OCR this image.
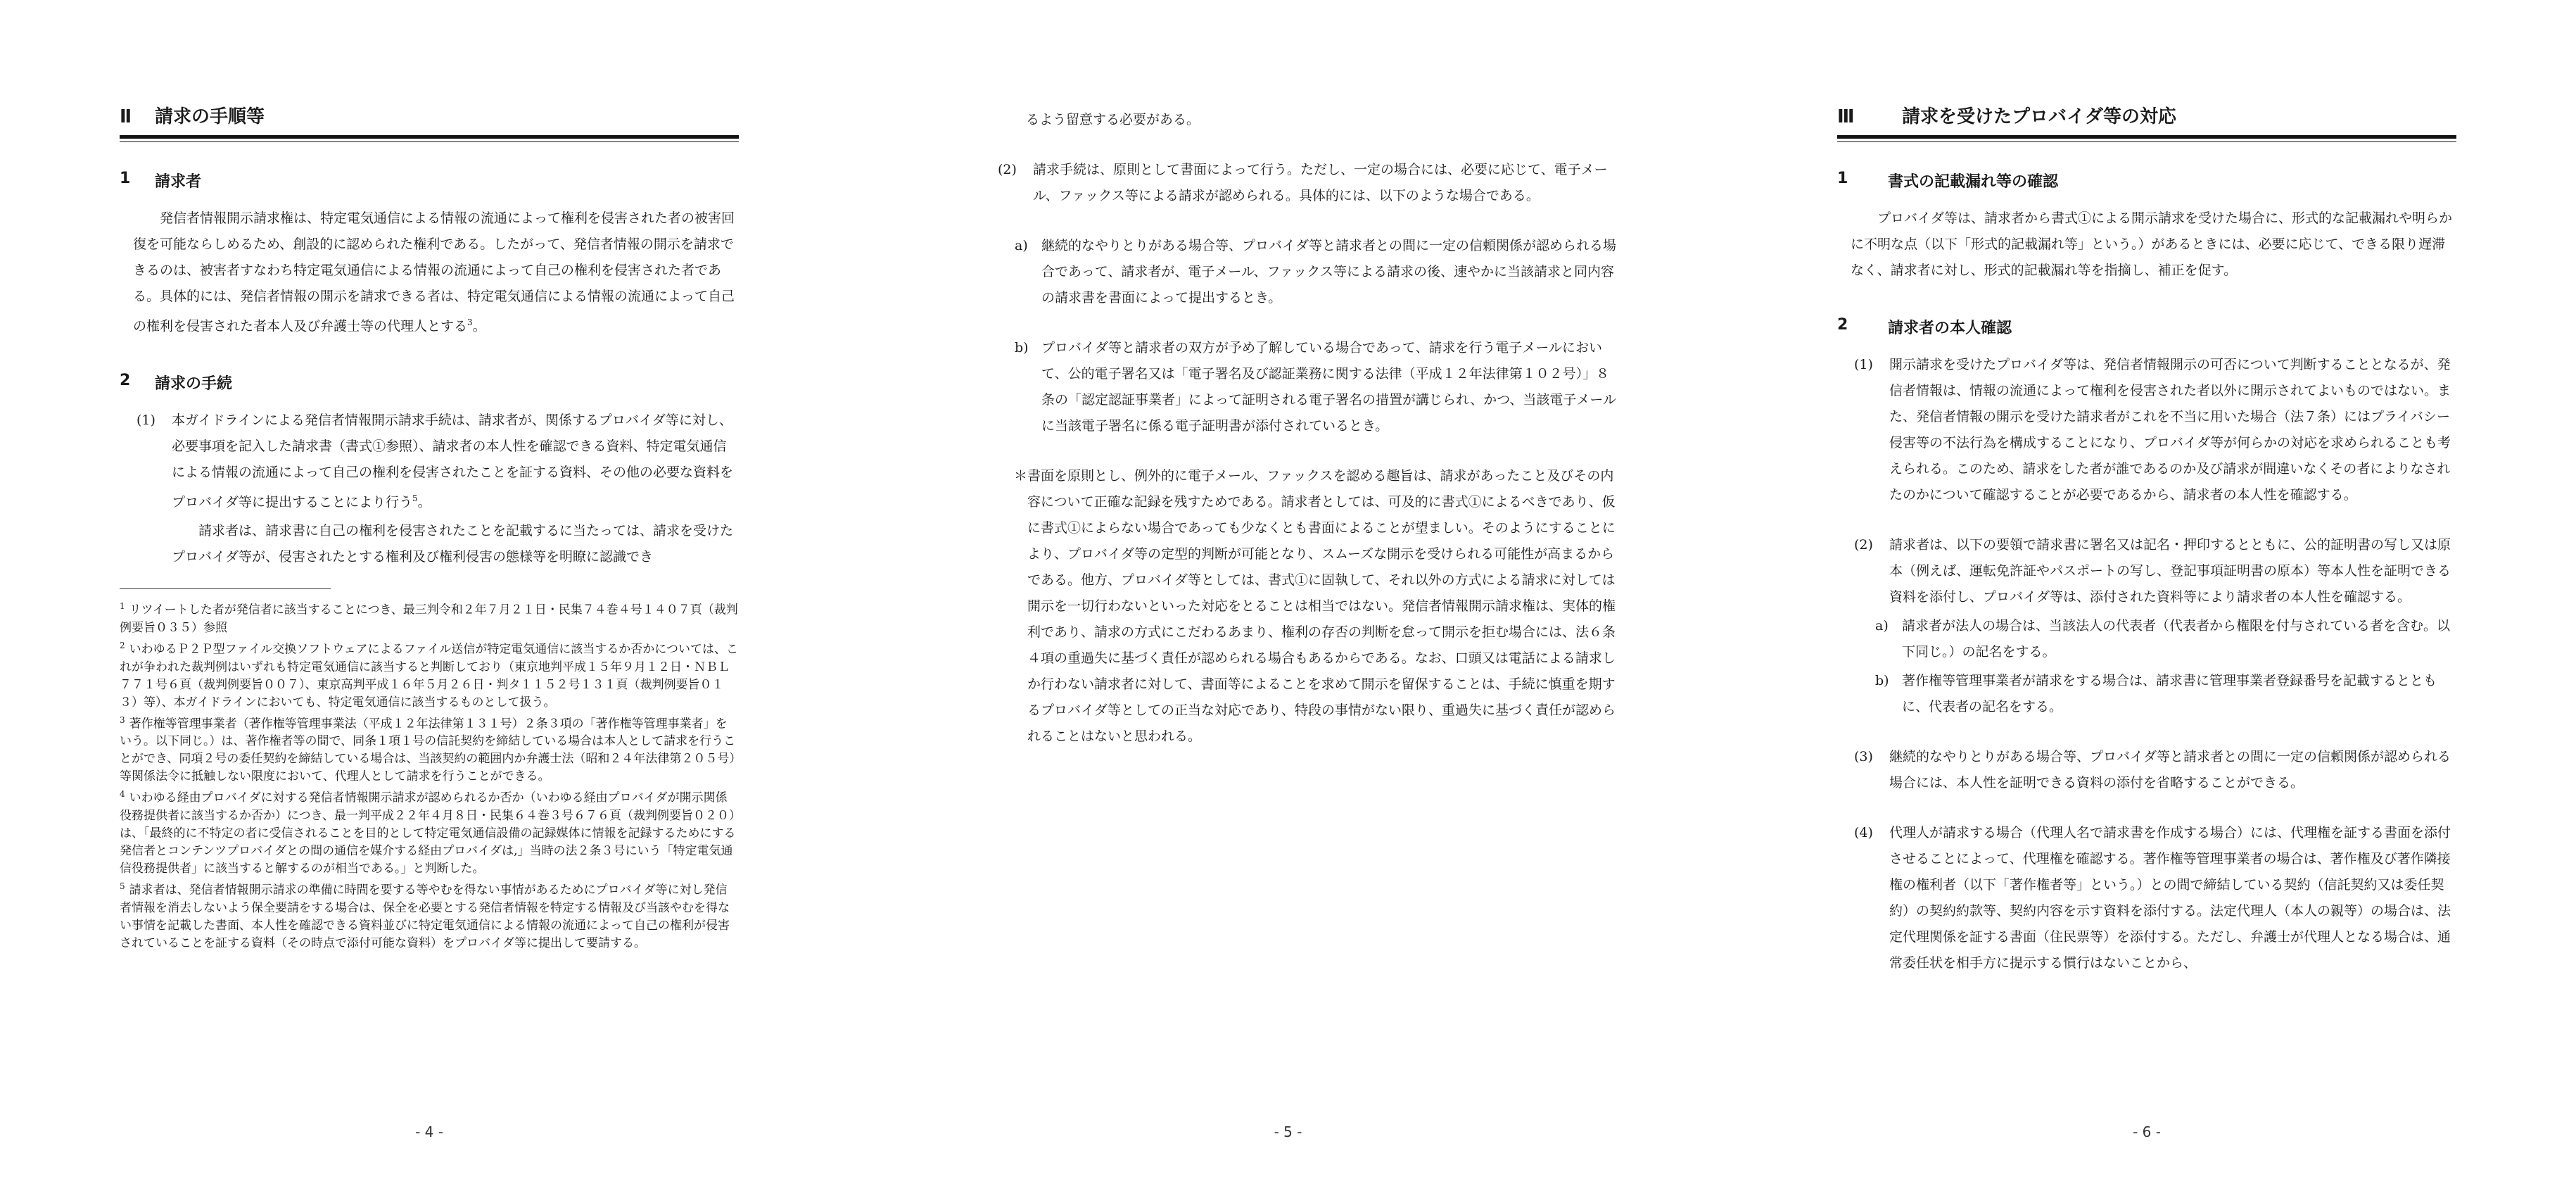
Ⅱ	請求の手順等
1	請求者

発信者情報開示請求権は、特定電気通信による情報の流通によって権利を侵害された者の被害回復を可能ならしめるため、創設的に認められた権利である。したがって、発信者情報の開示を請求できるのは、被害者すなわち特定電気通信による情報の流通によって自己の権利を侵害された者である。具体的には、発信者情報の開示を請求できる者は、特定電気通信による情報の流通によって自己の権利を侵害された者本人及び弁護士等の代理人とする$^3$。

2	請求の手続
(1)	本ガイドラインによる発信者情報開示請求手続は、請求者が、関係するプロバイダ等に対し、必要事項を記入した請求書（書式①参照）、請求者の本人性を確認できる資料、特定電気通信による情報の流通によって自己の権利を侵害されたことを証する資料、その他の必要な資料をプロバイダ等に提出することにより行う$^5$。

請求者は、請求書に自己の権利を侵害されたことを記載するに当たっては、請求を受けたプロバイダ等が、侵害されたとする権利及び権利侵害の態様等を明瞭に認識でき

$^1$ リツイートした者が発信者に該当することにつき、最三判令和２年７月２１日・民集７４巻４号１４０７頁（裁判例要旨０３５）参照

$^2$ いわゆるＰ２Ｐ型ファイル交換ソフトウェアによるファイル送信が特定電気通信に該当するか否かについては、これが争われた裁判例はいずれも特定電気通信に該当すると判断しており（東京地判平成１５年９月１２日・ＮＢＬ７７１号６頁（裁判例要旨００７）、東京高判平成１６年５月２６日・判タ１１５２号１３１頁（裁判例要旨０１３）等）、本ガイドラインにおいても、特定電気通信に該当するものとして扱う。

$^3$ 著作権等管理事業者（著作権等管理事業法（平成１２年法律第１３１号）２条３項の「著作権等管理事業者」をいう。以下同じ。）は、著作権者等の間で、同条１項１号の信託契約を締結している場合は本人として請求を行うことができ、同項２号の委任契約を締結している場合は、当該契約の範囲内か弁護士法（昭和２４年法律第２０５号）等関係法令に抵触しない限度において、代理人として請求を行うことができる。

$^4$ いわゆる経由プロバイダに対する発信者情報開示請求が認められるか否か（いわゆる経由プロバイダが開示関係役務提供者に該当するか否か）につき、最一判平成２２年４月８日・民集６４巻３号６７６頁（裁判例要旨０２０）は、「最終的に不特定の者に受信されることを目的として特定電気通信設備の記録媒体に情報を記録するためにする発信者とコンテンツプロバイダとの間の通信を媒介する経由プロバイダは,」当時の法２条３号にいう「特定電気通信役務提供者」に該当すると解するのが相当である。」と判断した。

$^5$ 請求者は、発信者情報開示請求の準備に時間を要する等やむを得ない事情があるためにプロバイダ等に対し発信者情報を消去しないよう保全要請をする場合は、保全を必要とする発信者情報を特定する情報及び当該やむを得ない事情を記載した書面、本人性を確認できる資料並びに特定電気通信による情報の流通によって自己の権利が侵害されていることを証する資料（その時点で添付可能な資料）をプロバイダ等に提出して要請する。

- 4 -

るよう留意する必要がある。

(2)	請求手続は、原則として書面によって行う。ただし、一定の場合には、必要に応じて、電子メール、ファックス等による請求が認められる。具体的には、以下のような場合である。
a)	継続的なやりとりがある場合等、プロバイダ等と請求者との間に一定の信頼関係が認められる場合であって、請求者が、電子メール、ファックス等による請求の後、速やかに当該請求と同内容の請求書を書面によって提出するとき。
b) プロバイダ等と請求者の双方が予め了解している場合であって、請求を行う電子メールにおいて、公的電子署名又は「電子署名及び認証業務に関する法律（平成１２年法律第１０２号）」８条の「認定認証事業者」によって証明される電子署名の措置が講じられ、かつ、当該電子メールに当該電子署名に係る電子証明書が添付されているとき。

＊書面を原則とし、例外的に電子メール、ファックスを認める趣旨は、請求があったこと及びその内容について正確な記録を残すためである。請求者としては、可及的に書式①によるべきであり、仮に書式①によらない場合であっても少なくとも書面によることが望ましい。そのようにすることにより、プロバイダ等の定型的判断が可能となり、スムーズな開示を受けられる可能性が高まるからである。他方、プロバイダ等としては、書式①に固執して、それ以外の方式による請求に対しては開示を一切行わないといった対応をとることは相当ではない。発信者情報開示請求権は、実体的権利であり、請求の方式にこだわるあまり、権利の存否の判断を怠って開示を拒む場合には、法６条４項の重過失に基づく責任が認められる場合もあるからである。なお、口頭又は電話による請求しか行わない請求者に対して、書面等によることを求めて開示を留保することは、手続に慎重を期するプロバイダ等としての正当な対応であり、特段の事情がない限り、重過失に基づく責任が認められることはないと思われる。

- 5 -
Ⅲ	請求を受けたプロバイダ等の対応
1	書式の記載漏れ等の確認

プロバイダ等は、請求者から書式①による開示請求を受けた場合に、形式的な記載漏れや明らかに不明な点（以下「形式的記載漏れ等」という。）があるときには、必要に応じて、できる限り遅滞なく、請求者に対し、形式的記載漏れ等を指摘し、補正を促す。

2	請求者の本人確認
(1)	開示請求を受けたプロバイダ等は、発信者情報開示の可否について判断することとなるが、発信者情報は、情報の流通によって権利を侵害された者以外に開示されてよいものではない。また、発信者情報の開示を受けた請求者がこれを不当に用いた場合（法７条）にはプライバシー侵害等の不法行為を構成することになり、プロバイダ等が何らかの対応を求められることも考えられる。このため、請求をした者が誰であるのか及び請求が間違いなくその者によりなされたのかについて確認することが必要であるから、請求者の本人性を確認する。
(2)	請求者は、以下の要領で請求書に署名又は記名・押印するとともに、公的証明書の写し又は原本（例えば、運転免許証やパスポートの写し、登記事項証明書の原本）等本人性を証明できる資料を添付し、プロバイダ等は、添付された資料等により請求者の本人性を確認する。
a)	請求者が法人の場合は、当該法人の代表者（代表者から権限を付与されている者を含む。以下同じ。）の記名をする。
b) 著作権等管理事業者が請求をする場合は、請求書に管理事業者登録番号を記載するとともに、代表者の記名をする。
(3)	継続的なやりとりがある場合等、プロバイダ等と請求者との間に一定の信頼関係が認められる場合には、本人性を証明できる資料の添付を省略することができる。
(4)	代理人が請求する場合（代理人名で請求書を作成する場合）には、代理権を証する書面を添付させることによって、代理権を確認する。著作権等管理事業者の場合は、著作権及び著作隣接権の権利者（以下「著作権者等」という。）との間で締結している契約（信託契約又は委任契約）の契約約款等、契約内容を示す資料を添付する。法定代理人（本人の親等）の場合は、法定代理関係を証する書面（住民票等）を添付する。ただし、弁護士が代理人となる場合は、通常委任状を相手方に提示する慣行はないことから、
- 6 -
